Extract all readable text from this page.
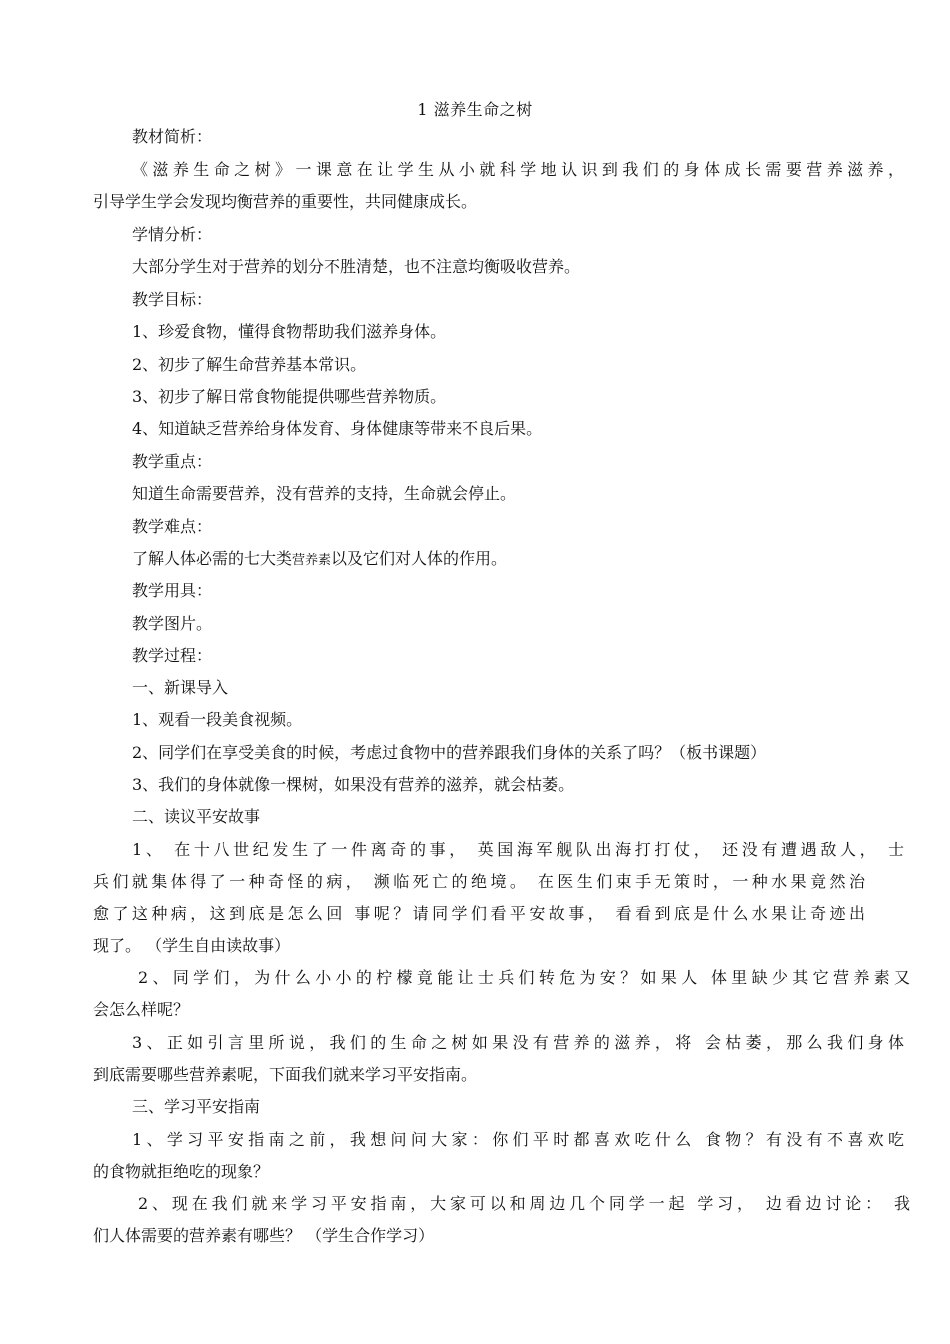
1 滋养生命之树
教材简析：
《滋养生命之树》一课意在让学生从小就科学地认识到我们的身体成长需要营养滋养，
引导学生学会发现均衡营养的重要性，共同健康成长。
学情分析：
大部分学生对于营养的划分不胜清楚，也不注意均衡吸收营养。
教学目标：
1、珍爱食物，懂得食物帮助我们滋养身体。
2、初步了解生命营养基本常识。
3、初步了解日常食物能提供哪些营养物质。
4、知道缺乏营养给身体发育、身体健康等带来不良后果。
教学重点：
知道生命需要营养，没有营养的支持，生命就会停止。
教学难点：
了解人体必需的七大类营养素以及它们对人体的作用。
教学用具：
教学图片。
教学过程：
一、新课导入
1、观看一段美食视频。
2、同学们在享受美食的时候，考虑过食物中的营养跟我们身体的关系了吗？（板书课题）
3、我们的身体就像一棵树，如果没有营养的滋养，就会枯萎。
二、读议平安故事
1、 在十八世纪发生了一件离奇的事， 英国海军舰队出海打打仗， 还没有遭遇敌人， 士
兵们就集体得了一种奇怪的病， 濒临死亡的绝境。 在医生们束手无策时，一种水果竟然治
愈了这种病，这到底是怎么回 事呢？请同学们看平安故事， 看看到底是什么水果让奇迹出
现了。 （学生自由读故事）
2、同学们，为什么小小的柠檬竟能让士兵们转危为安？如果人 体里缺少其它营养素又
会怎么样呢？
3、正如引言里所说，我们的生命之树如果没有营养的滋养，将 会枯萎，那么我们身体
到底需要哪些营养素呢，下面我们就来学习平安指南。
三、学习平安指南
1、学习平安指南之前，我想问问大家：你们平时都喜欢吃什么 食物？有没有不喜欢吃
的食物就拒绝吃的现象？
2、现在我们就来学习平安指南，大家可以和周边几个同学一起 学习， 边看边讨论： 我
们人体需要的营养素有哪些？ （学生合作学习）
